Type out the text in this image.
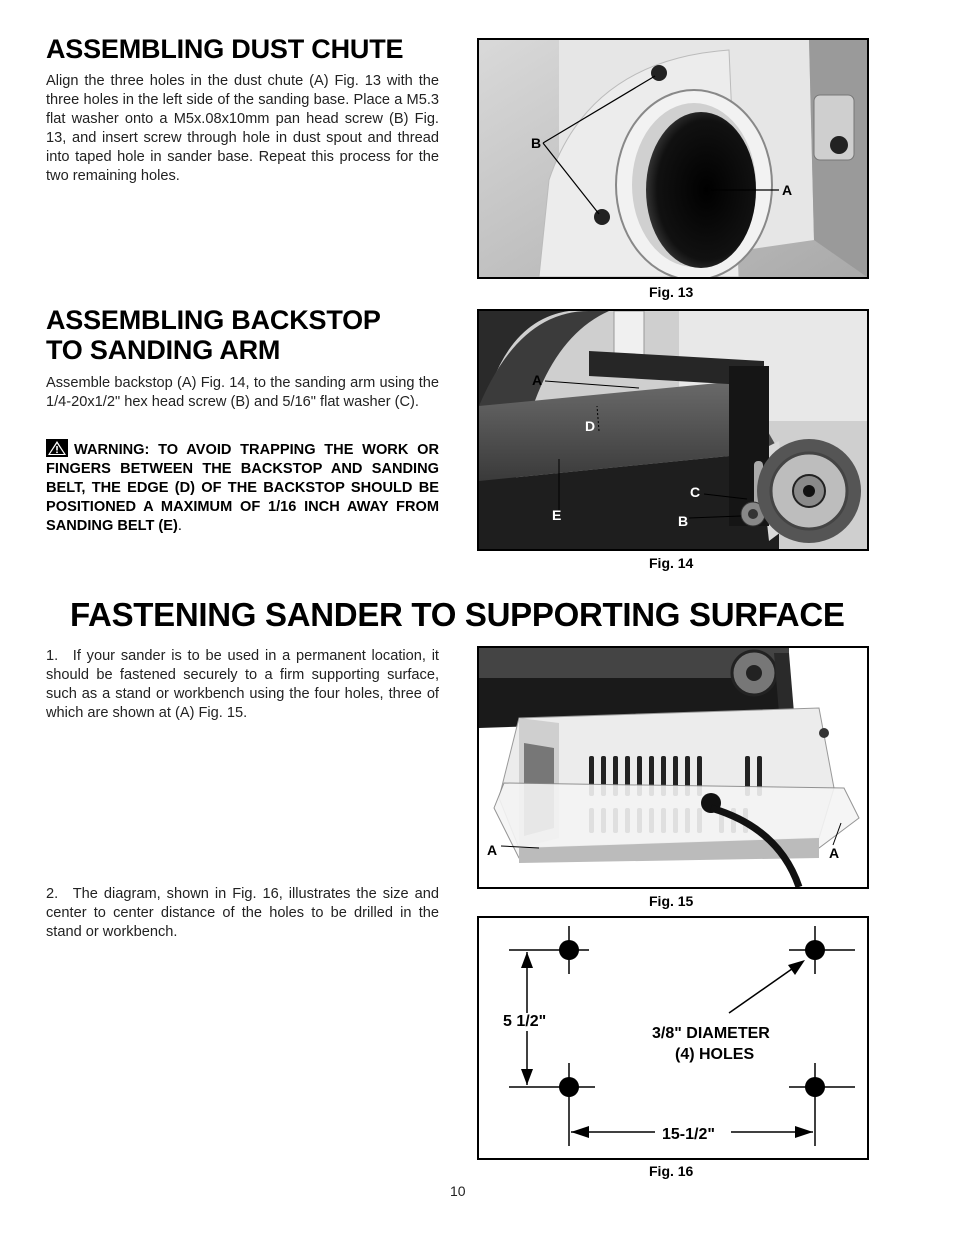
ASSEMBLING DUST CHUTE

Align the three holes in the dust chute (A) Fig. 13 with the three holes in the left side of the sanding base. Place a M5.3 flat washer onto a M5x.08x10mm pan head screw (B) Fig. 13, and insert screw through hole in dust spout and thread into taped hole in sander base. Repeat this process for the two remaining holes.

B
A
Fig. 13
ASSEMBLING BACKSTOP
TO SANDING ARM

Assemble backstop (A) Fig. 14, to the sanding arm using the 1/4-20x1/2" hex head screw (B) and 5/16" flat washer (C).

WARNING: TO AVOID TRAPPING THE WORK OR FINGERS BETWEEN THE BACKSTOP AND SANDING BELT, THE EDGE (D) OF THE BACKSTOP SHOULD BE POSITIONED A MAXIMUM OF 1/16 INCH AWAY FROM SANDING BELT (E).

A
D
C
E	B
Fig. 14
FASTENING SANDER TO SUPPORTING SURFACE

1. If your sander is to be used in a permanent location, it should be fastened securely to a firm supporting surface, such as a stand or workbench using the four holes, three of which are shown at (A) Fig. 15.

2. The diagram, shown in Fig. 16, illustrates the size and center to center distance of the holes to be drilled in the stand or workbench.

A	A
Fig. 15
5 1/2"
3/8" DIAMETER
(4) HOLES
15-1/2"
Fig. 16
10
